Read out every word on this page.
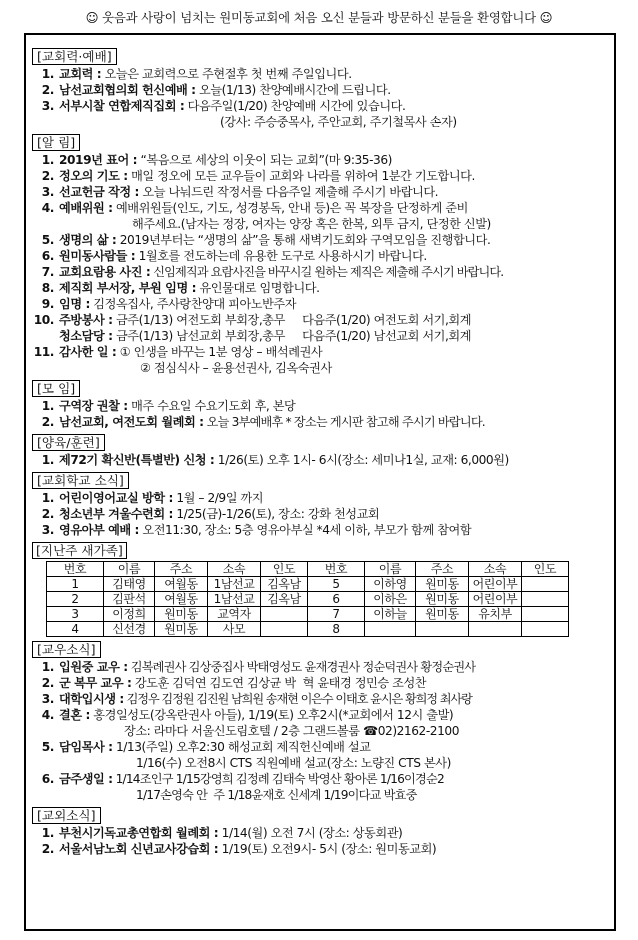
☺ 웃음과 사랑이 넘치는 원미동교회에 처음 오신 분들과 방문하신 분들을 환영합니다 ☺
[교회력·예배]
1. 교회력 : 오늘은 교회력으로 주현절후 첫 번째 주일입니다.
2. 남선교회협의회 헌신예배 : 오늘(1/13) 찬양예배시간에 드립니다.
3. 서부시찰 연합제직집회 : 다음주일(1/20) 찬양예배 시간에 있습니다.
(강사: 주승중목사, 주안교회, 주기철목사 손자)
[알 림]
1. 2019년 표어 : “복음으로 세상의 이웃이 되는 교회”(마 9:35-36)
2. 정오의 기도 : 매일 정오에 모든 교우들이 교회와 나라를 위하여 1분간 기도합니다.
3. 선교헌금 작정 : 오늘 나눠드린 작정서를 다음주일 제출해 주시기 바랍니다.
4. 예배위원 : 예배위원들(인도, 기도, 성경봉독, 안내 등)은 꼭 복장을 단정하게 준비
해주세요.(남자는 정장, 여자는 양장 혹은 한복, 외투 금지, 단정한 신발)
5. 생명의 삶 : 2019년부터는 “생명의 삶”을 통해 새벽기도회와 구역모임을 진행합니다.
6. 원미동사람들 : 1월호를 전도하는데 유용한 도구로 사용하시기 바랍니다.
7. 교회요람용 사진 : 신임제직과 요람사진을 바꾸시길 원하는 제직은 제출해 주시기 바랍니다.
8. 제직회 부서장, 부원 임명 : 유인물대로 임명합니다.
9. 임명 : 김정옥집사, 주사랑찬양대 피아노반주자
10. 주방봉사 : 금주(1/13) 여전도회 부회장,총무     다음주(1/20) 여전도회 서기,회계
청소담당 : 금주(1/13) 남선교회 부회장,총무     다음주(1/20) 남선교회 서기,회계
11. 감사한 일 : ① 인생을 바꾸는 1분 영상 – 배석례권사
② 점심식사 – 윤용선권사, 김옥숙권사
[모 임]
1. 구역장 권찰 : 매주 수요일 수요기도회 후, 본당
2. 남선교회, 여전도회 월례회 : 오늘 3부예배후 * 장소는 게시판 참고해 주시기 바랍니다.
[양육/훈련]
1. 제72기 확신반(특별반) 신청 : 1/26(토) 오후 1시- 6시(장소: 세미나1실, 교재: 6,000원)
[교회학교 소식]
1. 어린이영어교실 방학 : 1월 – 2/9일 까지
2. 청소년부 겨울수련회 : 1/25(금)-1/26(토), 장소: 강화 천성교회
3. 영유아부 예배 : 오전11:30, 장소: 5층 영유아부실 *4세 이하, 부모가 함께 참여함
[지난주 새가족]
번호	이름	주소	소속	인도	번호	이름	주소	소속	인도
1	김태영	여월동	1남선교	김옥남	5	이하영	원미동	어린이부	
2	김판석	여월동	1남선교	김옥남	6	이하은	원미동	어린이부	
3	이정희	원미동	교역자		7	이하늘	원미동	유치부	
4	신선경	원미동	사모		8				
[교우소식]
1. 입원중 교우 : 김복례권사 김상중집사 박태영성도 윤재경권사 정순덕권사 황정순권사
2. 군 복무 교우 : 강도훈 김덕연 김도연 김상균 박  혁 윤태경 정민승 조성찬
3. 대학입시생 : 김정우 김정원 김진원 남희원 송재현 이은수 이태호 윤시은 황희정 최사랑
4. 결혼 : 홍경일성도(강옥란권사 아들), 1/19(토) 오후2시(*교회에서 12시 출발)
장소: 라마다 서울신도림호텔 / 2층 그랜드볼룸 ☎02)2162-2100
5. 담임목사 : 1/13(주일) 오후2:30 해성교회 제직헌신예배 설교
1/16(수) 오전8시 CTS 직원예배 설교(장소: 노량진 CTS 본사)
6. 금주생일 : 1/14조인구 1/15강영희 김정례 김태숙 박영산 황아론 1/16이경순2
1/17손영숙 안  주 1/18윤재호 신세계 1/19이다교 박효중
[교외소식]
1. 부천시기독교총연합회 월례회 : 1/14(월) 오전 7시 (장소: 상동회관)
2. 서울서남노회 신년교사강습회 : 1/19(토) 오전9시- 5시 (장소: 원미동교회)
